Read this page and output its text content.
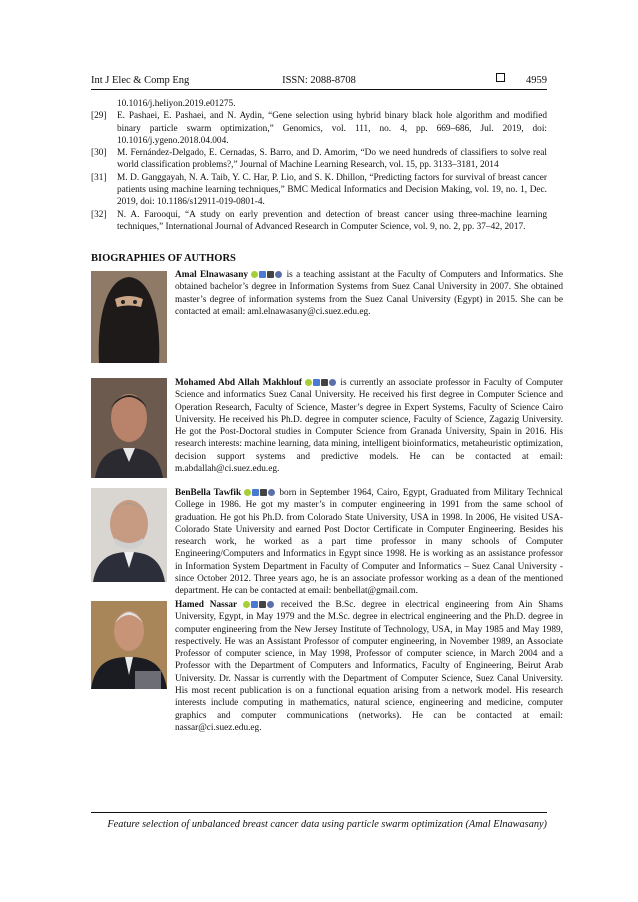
Int J Elec & Comp Eng	ISSN: 2088-8708	4959
10.1016/j.heliyon.2019.e01275.
[29]	E. Pashaei, E. Pashaei, and N. Aydin, “Gene selection using hybrid binary black hole algorithm and modified binary particle swarm optimization,” Genomics, vol. 111, no. 4, pp. 669–686, Jul. 2019, doi: 10.1016/j.ygeno.2018.04.004.
[30]	M. Fernández-Delgado, E. Cernadas, S. Barro, and D. Amorim, “Do we need hundreds of classifiers to solve real world classification problems?,” Journal of Machine Learning Research, vol. 15, pp. 3133–3181, 2014
[31]	M. D. Ganggayah, N. A. Taib, Y. C. Har, P. Lio, and S. K. Dhillon, “Predicting factors for survival of breast cancer patients using machine learning techniques,” BMC Medical Informatics and Decision Making, vol. 19, no. 1, Dec. 2019, doi: 10.1186/s12911-019-0801-4.
[32]	N. A. Farooqui, “A study on early prevention and detection of breast cancer using three-machine learning techniques,” International Journal of Advanced Research in Computer Science, vol. 9, no. 2, pp. 37–42, 2017.
BIOGRAPHIES OF AUTHORS
Amal Elnawasany	is a teaching assistant at the Faculty of Computers and Informatics. She obtained bachelor’s degree in Information Systems from Suez Canal University in 2007. She obtained master’s degree of information systems from the Suez Canal University (Egypt) in 2015. She can be contacted at email: aml.elnawasany@ci.suez.edu.eg.
Mohamed Abd Allah Makhlouf	is currently an associate professor in Faculty of Computer Science and informatics Suez Canal University. He received his first degree in Computer Science and Operation Research, Faculty of Science, Master’s degree in Expert Systems, Faculty of Science Cairo University. He received his Ph.D. degree in computer science, Faculty of Science, Zagazig University. He got the Post-Doctoral studies in Computer Science from Granada University, Spain in 2016. His research interests: machine learning, data mining, intelligent bioinformatics, metaheuristic optimization, decision support systems and predictive models. He can be contacted at email: m.abdallah@ci.suez.edu.eg.
BenBella Tawfik	born in September 1964, Cairo, Egypt, Graduated from Military Technical College in 1986. He got my master’s in computer engineering in 1991 from the same school of graduation. He got his Ph.D. from Colorado State University, USA in 1998. In 2006, He visited USA-Colorado State University and earned Post Doctor Certificate in Computer Engineering. Besides his research work, he worked as a part time professor in many schools of Computer Engineering/Computers and Informatics in Egypt since 1998. He is working as an assistance professor in Information System Department in Faculty of Computer and Informatics – Suez Canal University - since October 2012. Three years ago, he is an associate professor working as a dean of the mentioned department. He can be contacted at email: benbellat@gmail.com.
Hamed Nassar	received the B.Sc. degree in electrical engineering from Ain Shams University, Egypt, in May 1979 and the M.Sc. degree in electrical engineering and the Ph.D. degree in computer engineering from the New Jersey Institute of Technology, USA, in May 1985 and May 1989, respectively. He was an Assistant Professor of computer engineering, in November 1989, an Associate Professor of computer science, in May 1998, Professor of computer science, in March 2004 and a Professor with the Department of Computers and Informatics, Faculty of Engineering, Beirut Arab University. Dr. Nassar is currently with the Department of Computer Science, Suez Canal University. His most recent publication is on a functional equation arising from a network model. His research interests include computing in mathematics, natural science, engineering and medicine, computer graphics and computer communications (networks). He can be contacted at email: nassar@ci.suez.edu.eg.
Feature selection of unbalanced breast cancer data using particle swarm optimization (Amal Elnawasany)
